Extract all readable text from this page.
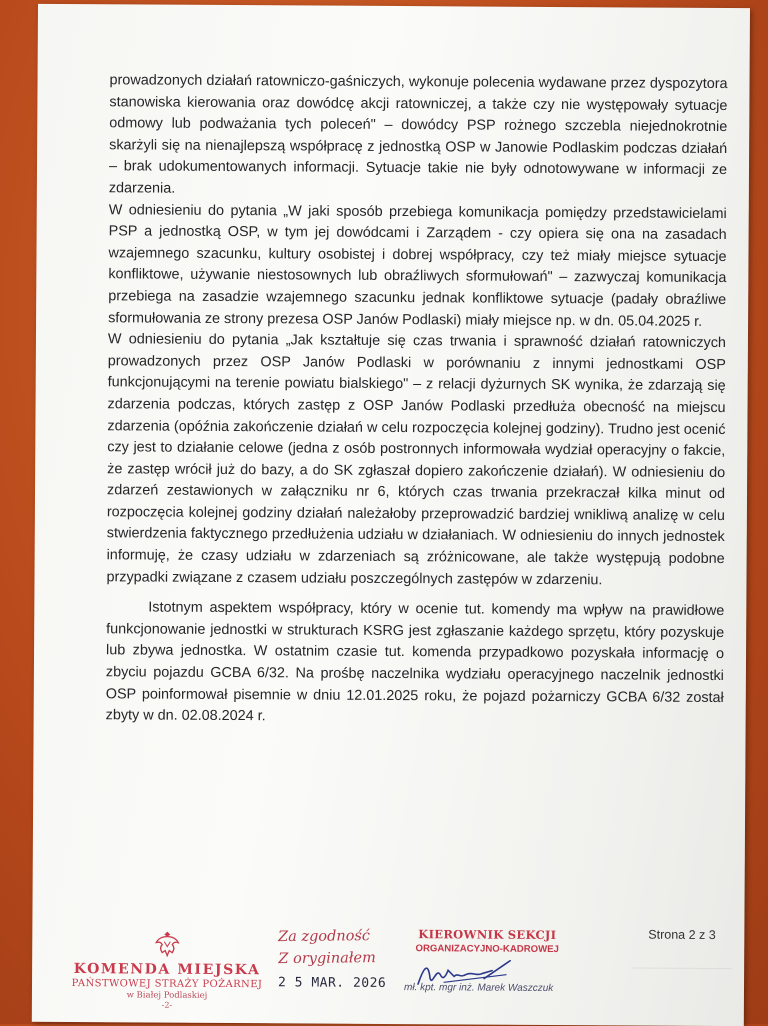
prowadzonych działań ratowniczo-gaśniczych, wykonuje polecenia wydawane przez dyspozytora stanowiska kierowania oraz dowódcę akcji ratowniczej, a także czy nie występowały sytuacje odmowy lub podważania tych poleceń" – dowódcy PSP rożnego szczebla niejednokrotnie skarżyli się na nienajlepszą współpracę z jednostką OSP w Janowie Podlaskim podczas działań – brak udokumentowanych informacji. Sytuacje takie nie były odnotowywane w informacji ze zdarzenia.

W odniesieniu do pytania „W jaki sposób przebiega komunikacja pomiędzy przedstawicielami PSP a jednostką OSP, w tym jej dowódcami i Zarządem - czy opiera się ona na zasadach wzajemnego szacunku, kultury osobistej i dobrej współpracy, czy też miały miejsce sytuacje konfliktowe, używanie niestosownych lub obraźliwych sformułowań" – zazwyczaj komunikacja przebiega na zasadzie wzajemnego szacunku jednak konfliktowe sytuacje (padały obraźliwe sformułowania ze strony prezesa OSP Janów Podlaski) miały miejsce np. w dn. 05.04.2025 r.

W odniesieniu do pytania „Jak kształtuje się czas trwania i sprawność działań ratowniczych prowadzonych przez OSP Janów Podlaski w porównaniu z innymi jednostkami OSP funkcjonującymi na terenie powiatu bialskiego" – z relacji dyżurnych SK wynika, że zdarzają się zdarzenia podczas, których zastęp z OSP Janów Podlaski przedłuża obecność na miejscu zdarzenia (opóźnia zakończenie działań w celu rozpoczęcia kolejnej godziny). Trudno jest ocenić czy jest to działanie celowe (jedna z osób postronnych informowała wydział operacyjny o fakcie, że zastęp wrócił już do bazy, a do SK zgłaszał dopiero zakończenie działań). W odniesieniu do zdarzeń zestawionych w załączniku nr 6, których czas trwania przekraczał kilka minut od rozpoczęcia kolejnej godziny działań należałoby przeprowadzić bardziej wnikliwą analizę w celu stwierdzenia faktycznego przedłużenia udziału w działaniach. W odniesieniu do innych jednostek informuję, że czasy udziału w zdarzeniach są zróżnicowane, ale także występują podobne przypadki związane z czasem udziału poszczególnych zastępów w zdarzeniu.

Istotnym aspektem współpracy, który w ocenie tut. komendy ma wpływ na prawidłowe funkcjonowanie jednostki w strukturach KSRG jest zgłaszanie każdego sprzętu, który pozyskuje lub zbywa jednostka. W ostatnim czasie tut. komenda przypadkowo pozyskała informację o zbyciu pojazdu GCBA 6/32. Na prośbę naczelnika wydziału operacyjnego naczelnik jednostki OSP poinformował pisemnie w dniu 12.01.2025 roku, że pojazd pożarniczy GCBA 6/32 został zbyty w dn. 02.08.2024 r.

Strona 2 z 3
KOMENDA MIEJSKA
PAŃSTWOWEJ STRAŻY POŻARNEJ
w Białej Podlaskiej
-2-
Za zgodność
Z oryginałem
2 5 MAR. 2026
KIEROWNIK SEKCJI
ORGANIZACYJNO-KADROWEJ
mł. kpt. mgr inż. Marek Waszczuk
